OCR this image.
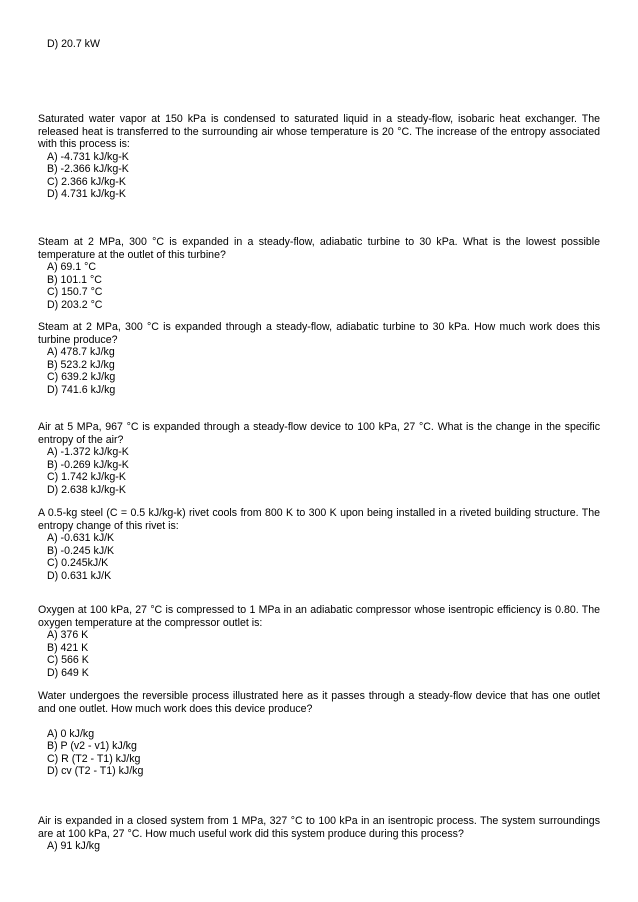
D) 20.7 kW
Saturated water vapor at 150 kPa is condensed to saturated liquid in a steady-flow, isobaric heat exchanger. The released heat is transferred to the surrounding air whose temperature is 20 °C. The increase of the entropy associated with this process is:
A) -4.731 kJ/kg-K
B) -2.366 kJ/kg-K
C) 2.366 kJ/kg-K
D) 4.731 kJ/kg-K
Steam at 2 MPa, 300 °C is expanded in a steady-flow, adiabatic turbine to 30 kPa. What is the lowest possible temperature at the outlet of this turbine?
A) 69.1 °C
B) 101.1 °C
C) 150.7 °C
D) 203.2 °C
Steam at 2 MPa, 300 °C is expanded through a steady-flow, adiabatic turbine to 30 kPa. How much work does this turbine produce?
A) 478.7 kJ/kg
B) 523.2 kJ/kg
C) 639.2 kJ/kg
D) 741.6 kJ/kg
Air at 5 MPa, 967 °C is expanded through a steady-flow device to 100 kPa, 27 °C. What is the change in the specific entropy of the air?
A) -1.372 kJ/kg-K
B) -0.269 kJ/kg-K
C) 1.742 kJ/kg-K
D) 2.638 kJ/kg-K
A 0.5-kg steel (C = 0.5 kJ/kg-k) rivet cools from 800 K to 300 K upon being installed in a riveted building structure. The entropy change of this rivet is:
A) -0.631 kJ/K
B) -0.245 kJ/K
C) 0.245kJ/K
D) 0.631 kJ/K
Oxygen at 100 kPa, 27 °C is compressed to 1 MPa in an adiabatic compressor whose isentropic efficiency is 0.80. The oxygen temperature at the compressor outlet is:
A) 376 K
B) 421 K
C) 566 K
D) 649 K
Water undergoes the reversible process illustrated here as it passes through a steady-flow device that has one outlet and one outlet. How much work does this device produce?
A) 0 kJ/kg
B) P (v2 - v1) kJ/kg
C) R (T2 - T1) kJ/kg
D) cv (T2 - T1) kJ/kg
Air is expanded in a closed system from 1 MPa, 327 °C to 100 kPa in an isentropic process. The system surroundings are at 100 kPa, 27 °C. How much useful work did this system produce during this process?
A) 91 kJ/kg
